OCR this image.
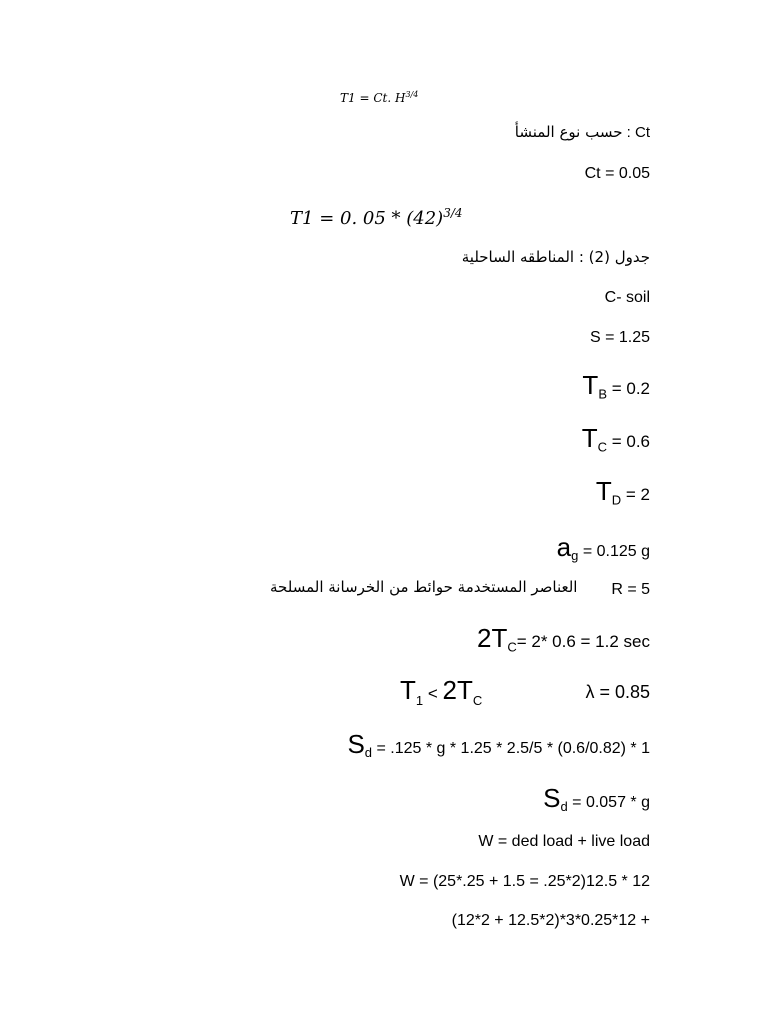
T1 = Ct. $H^{3/4}$
حسب نوع المنشأ : Ct
Ct = 0.05
T1 = 0. $05 * (42)^{3/4}$
جدول (2) : المناطقه الساحلية
C- soil
S = 1.25
$T_B = 0.2$
$T_C = 0.6$
$T_D = 2$
$a_g = 0.125$ g
العناصر المستخدمة حوائط من الخرسانة المسلحة R = 5
$2T_C= 2*$ 0.6 = 1.2 sec
$T_1 < 2T_C$	λ = 0.85
$S_d = .125 * g * 1.25 * 2.5/5 * (0.6/0.82) * 1$
$S_d = 0.057 * g$
W = ded load + live load
W = (25*.25 + 1.5 = .25*2)12.5 * 12
(12*2 + 12.5*2)*3*0.25*12 +
